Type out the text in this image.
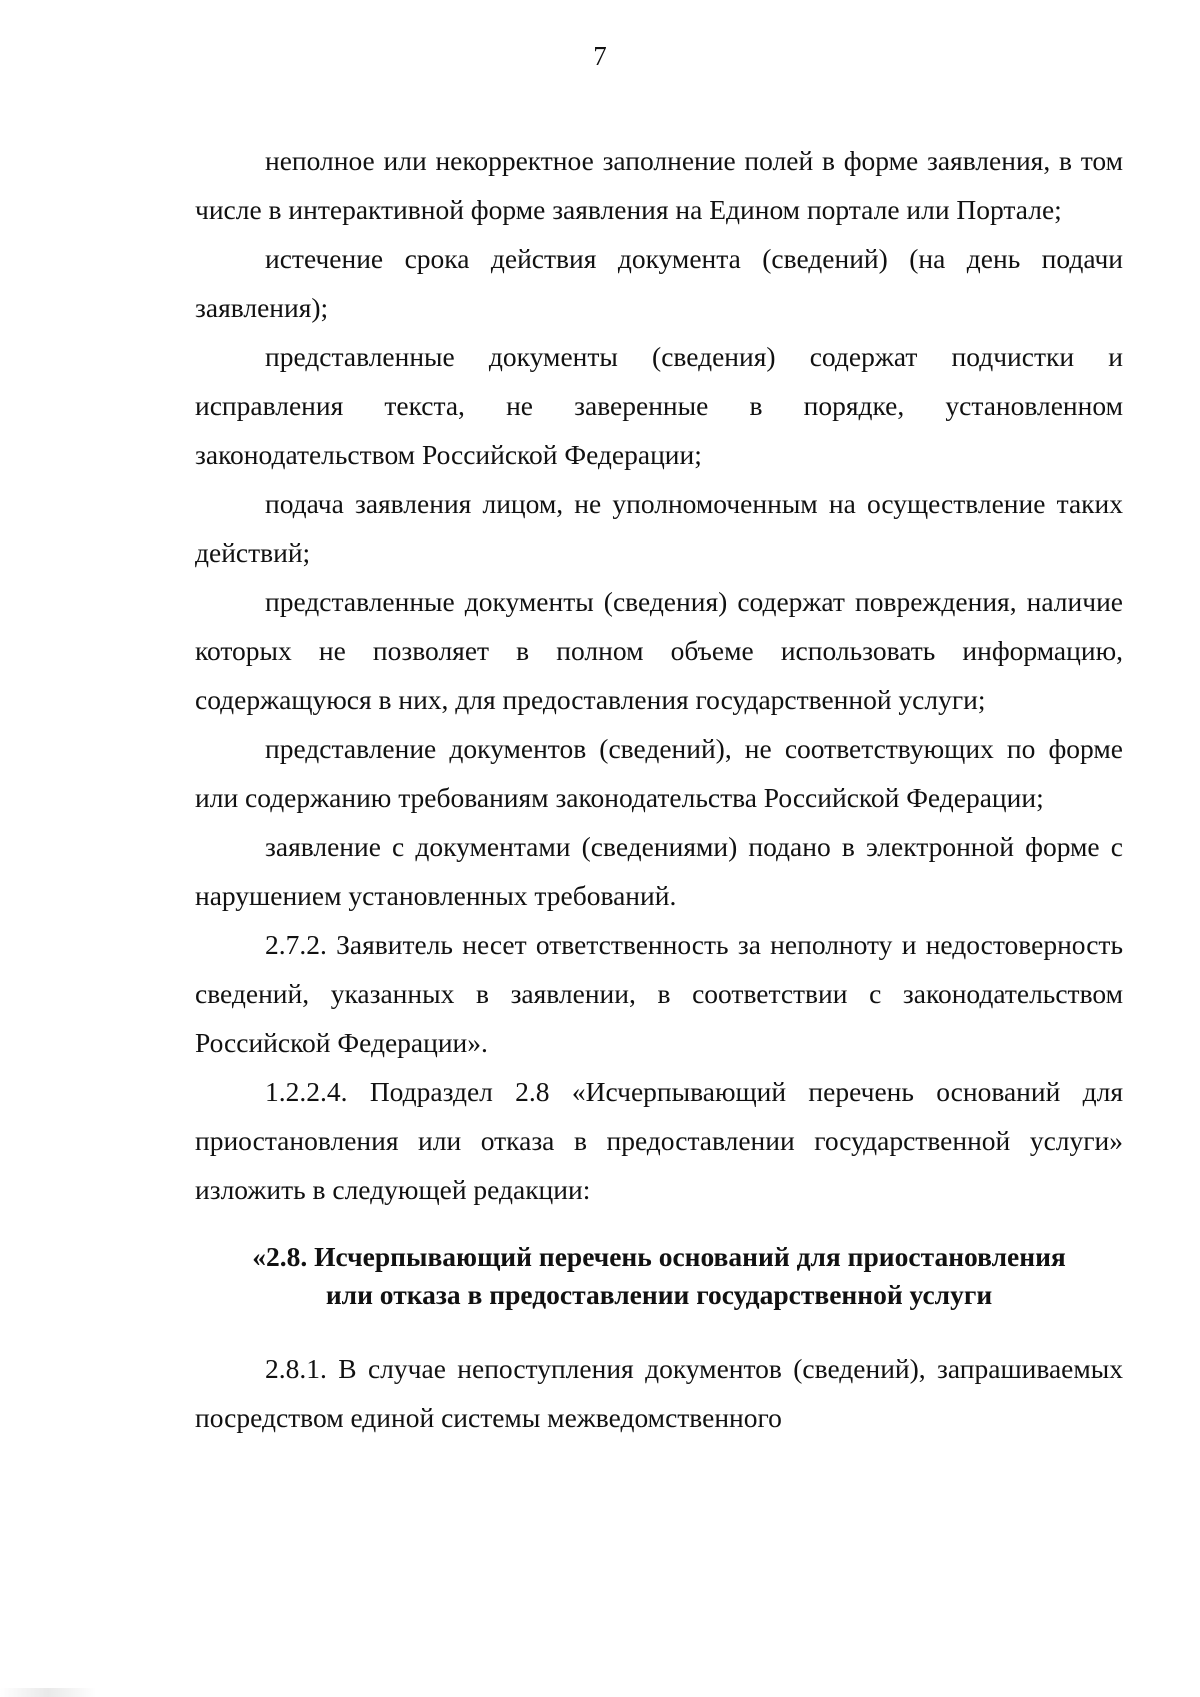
7

неполное или некорректное заполнение полей в форме заявления, в том числе в интерактивной форме заявления на Едином портале или Портале;

истечение срока действия документа (сведений) (на день подачи заявления);

представленные документы (сведения) содержат подчистки и исправления текста, не заверенные в порядке, установленном законодательством Российской Федерации;

подача заявления лицом, не уполномоченным на осуществление таких действий;

представленные документы (сведения) содержат повреждения, наличие которых не позволяет в полном объеме использовать информацию, содержащуюся в них, для предоставления государственной услуги;

представление документов (сведений), не соответствующих по форме или содержанию требованиям законодательства Российской Федерации;

заявление с документами (сведениями) подано в электронной форме с нарушением установленных требований.

2.7.2. Заявитель несет ответственность за неполноту и недостоверность сведений, указанных в заявлении, в соответствии с законодательством Российской Федерации».

1.2.2.4. Подраздел 2.8 «Исчерпывающий перечень оснований для приостановления или отказа в предоставлении государственной услуги» изложить в следующей редакции:

«2.8. Исчерпывающий перечень оснований для приостановления
или отказа в предоставлении государственной услуги

2.8.1. В случае непоступления документов (сведений), запрашиваемых посредством единой системы межведомственного
